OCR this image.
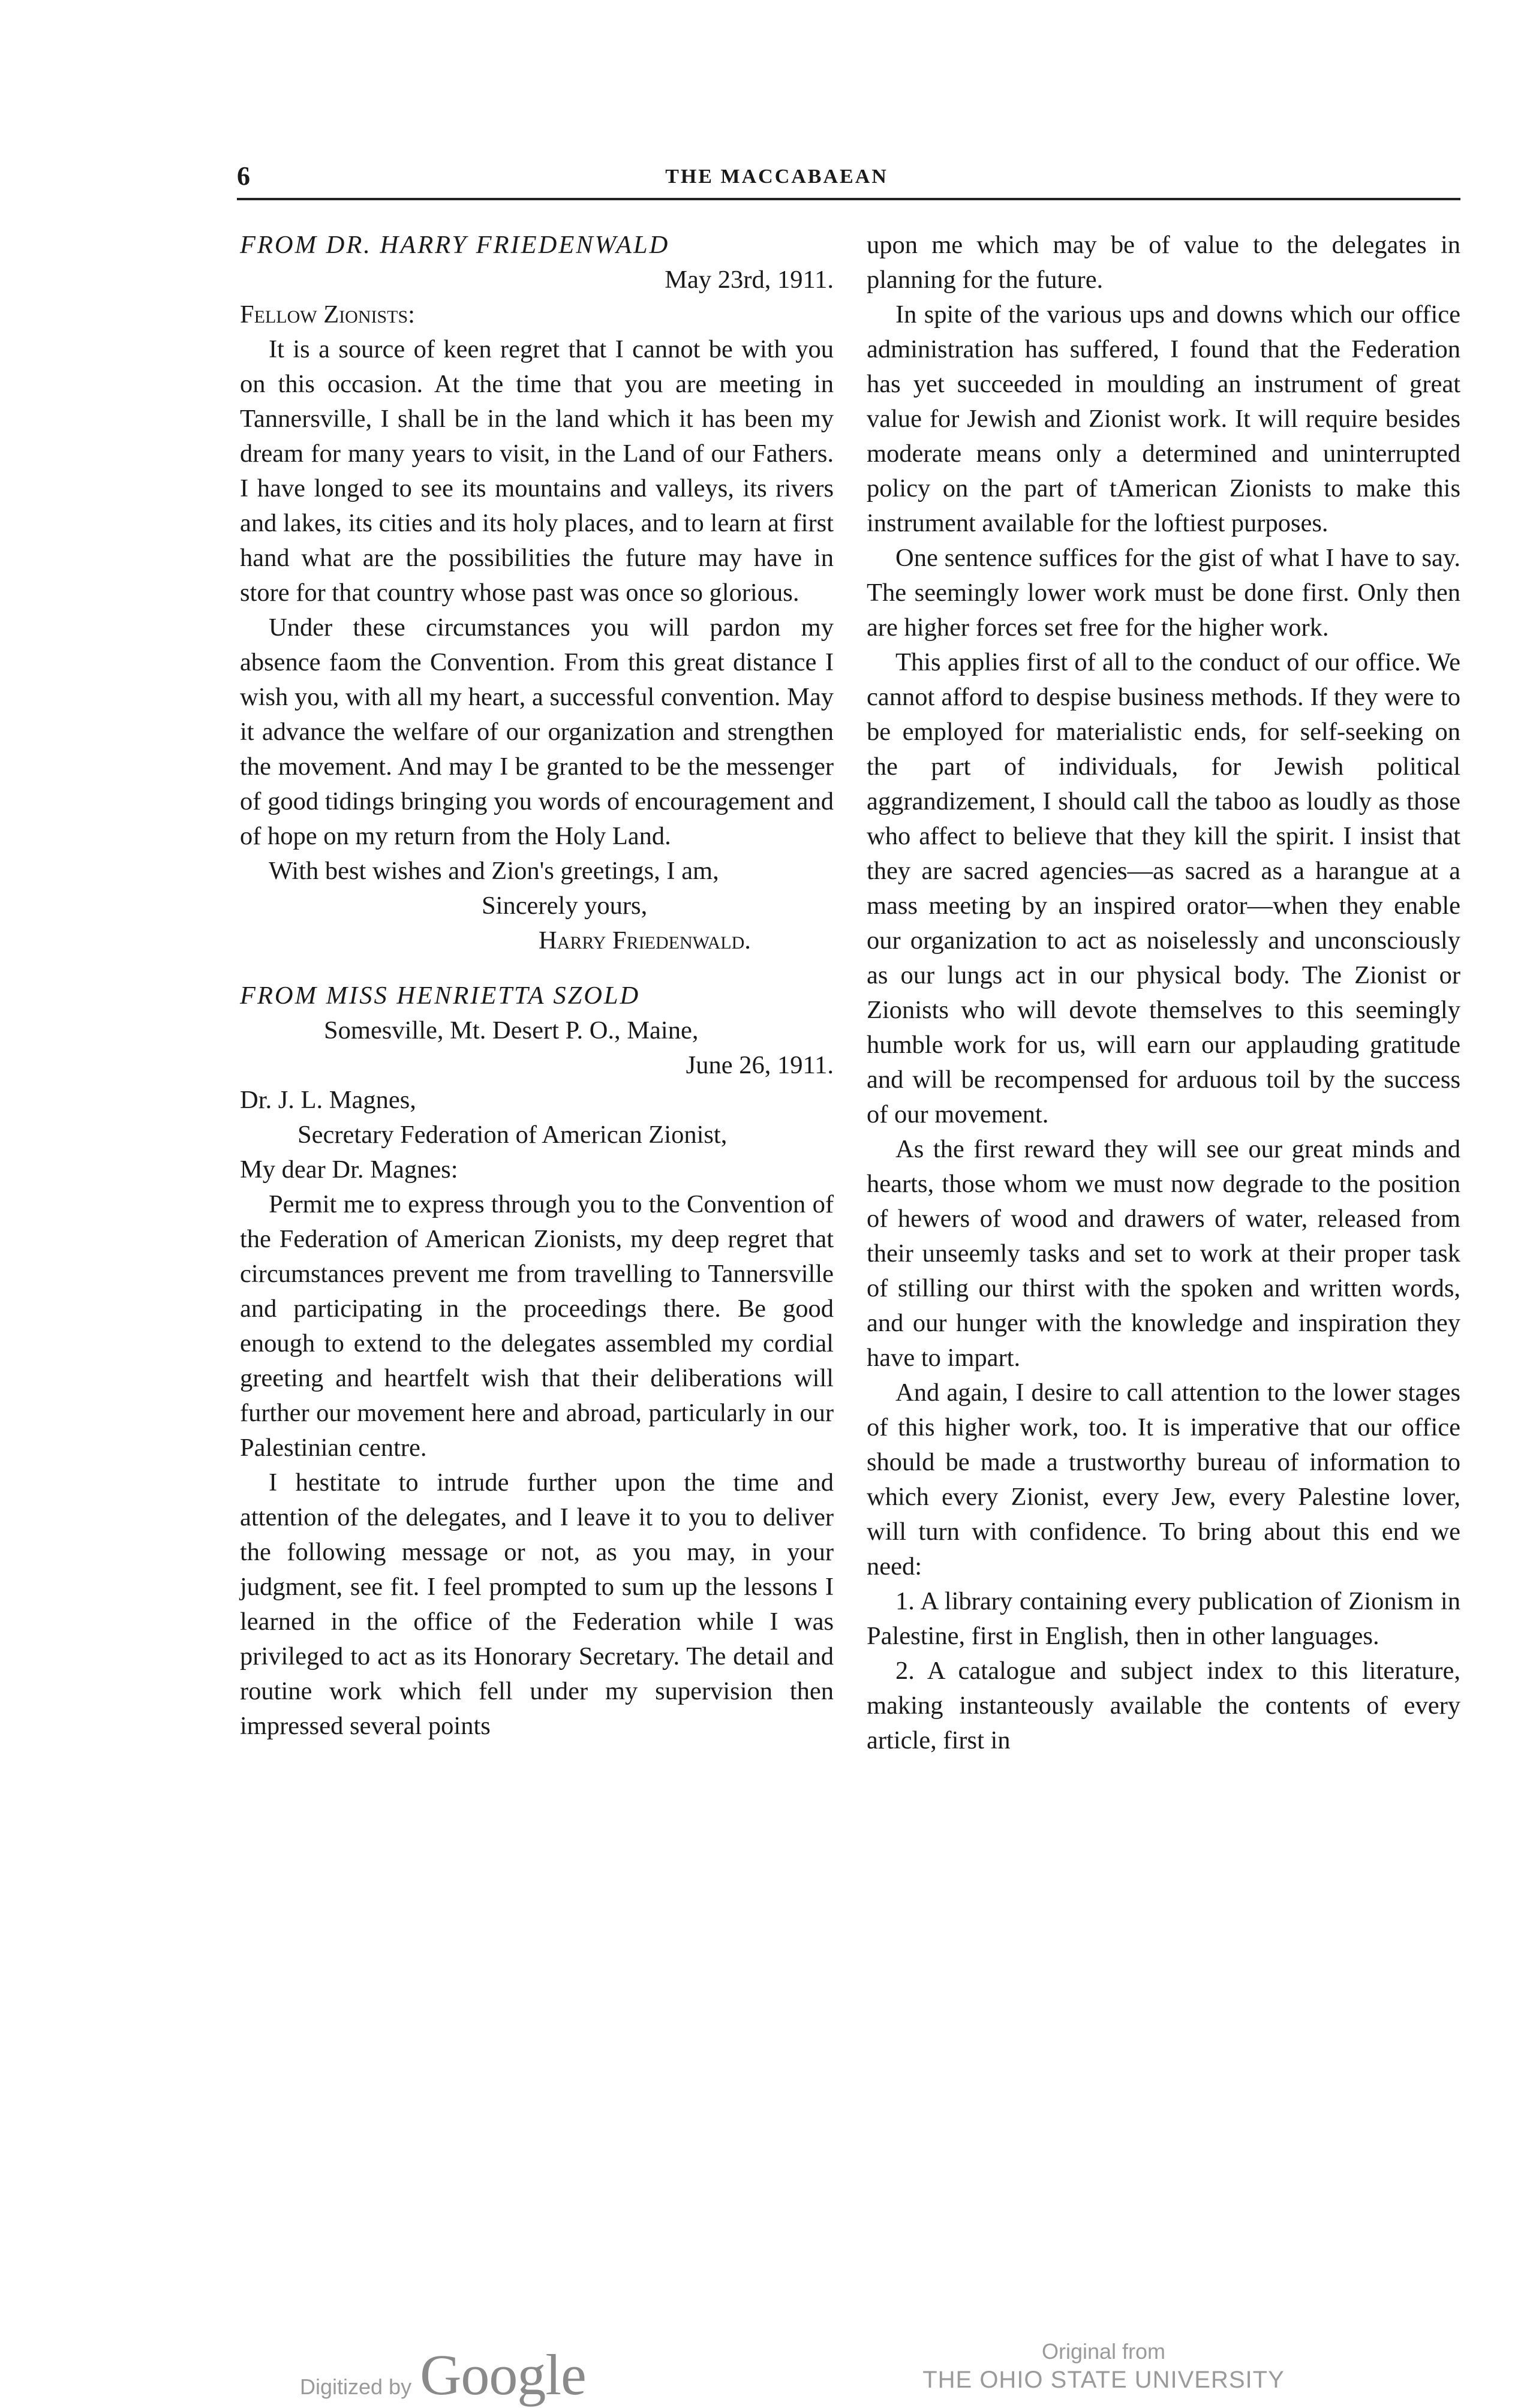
6	THE MACCABAEAN

FROM DR. HARRY FRIEDENWALD

May 23rd, 1911.

Fellow Zionists:

It is a source of keen regret that I cannot be with you on this occasion. At the time that you are meeting in Tannersville, I shall be in the land which it has been my dream for many years to visit, in the Land of our Fathers. I have longed to see its mountains and valleys, its rivers and lakes, its cities and its holy places, and to learn at first hand what are the possibilities the future may have in store for that country whose past was once so glorious.

Under these circumstances you will pardon my absence faom the Convention. From this great distance I wish you, with all my heart, a successful convention. May it advance the welfare of our organization and strengthen the movement. And may I be granted to be the messenger of good tidings bringing you words of encouragement and of hope on my return from the Holy Land.

With best wishes and Zion's greetings, I am,

Sincerely yours,

Harry Friedenwald.

FROM MISS HENRIETTA SZOLD

Somesville, Mt. Desert P. O., Maine,

June 26, 1911.

Dr. J. L. Magnes,

Secretary Federation of American Zionist,

My dear Dr. Magnes:

Permit me to express through you to the Convention of the Federation of American Zionists, my deep regret that circumstances prevent me from travelling to Tannersville and participating in the proceedings there. Be good enough to extend to the delegates assembled my cordial greeting and heartfelt wish that their deliberations will further our movement here and abroad, particularly in our Palestinian centre.

I hestitate to intrude further upon the time and attention of the delegates, and I leave it to you to deliver the following message or not, as you may, in your judgment, see fit. I feel prompted to sum up the lessons I learned in the office of the Federation while I was privileged to act as its Honorary Secretary. The detail and routine work which fell under my supervision then impressed several points

upon me which may be of value to the delegates in planning for the future.

In spite of the various ups and downs which our office administration has suffered, I found that the Federation has yet succeeded in moulding an instrument of great value for Jewish and Zionist work. It will require besides moderate means only a determined and uninterrupted policy on the part of tAmerican Zionists to make this instrument available for the loftiest purposes.

One sentence suffices for the gist of what I have to say. The seemingly lower work must be done first. Only then are higher forces set free for the higher work.

This applies first of all to the conduct of our office. We cannot afford to despise business methods. If they were to be employed for materialistic ends, for self-seeking on the part of individuals, for Jewish political aggrandizement, I should call the taboo as loudly as those who affect to believe that they kill the spirit. I insist that they are sacred agencies—as sacred as a harangue at a mass meeting by an inspired orator—when they enable our organization to act as noiselessly and unconsciously as our lungs act in our physical body. The Zionist or Zionists who will devote themselves to this seemingly humble work for us, will earn our applauding gratitude and will be recompensed for arduous toil by the success of our movement.

As the first reward they will see our great minds and hearts, those whom we must now degrade to the position of hewers of wood and drawers of water, released from their unseemly tasks and set to work at their proper task of stilling our thirst with the spoken and written words, and our hunger with the knowledge and inspiration they have to impart.

And again, I desire to call attention to the lower stages of this higher work, too. It is imperative that our office should be made a trustworthy bureau of information to which every Zionist, every Jew, every Palestine lover, will turn with confidence. To bring about this end we need:

1. A library containing every publication of Zionism in Palestine, first in English, then in other languages.

2. A catalogue and subject index to this literature, making instanteously available the contents of every article, first in

Digitized by Google	Original from
THE OHIO STATE UNIVERSITY
